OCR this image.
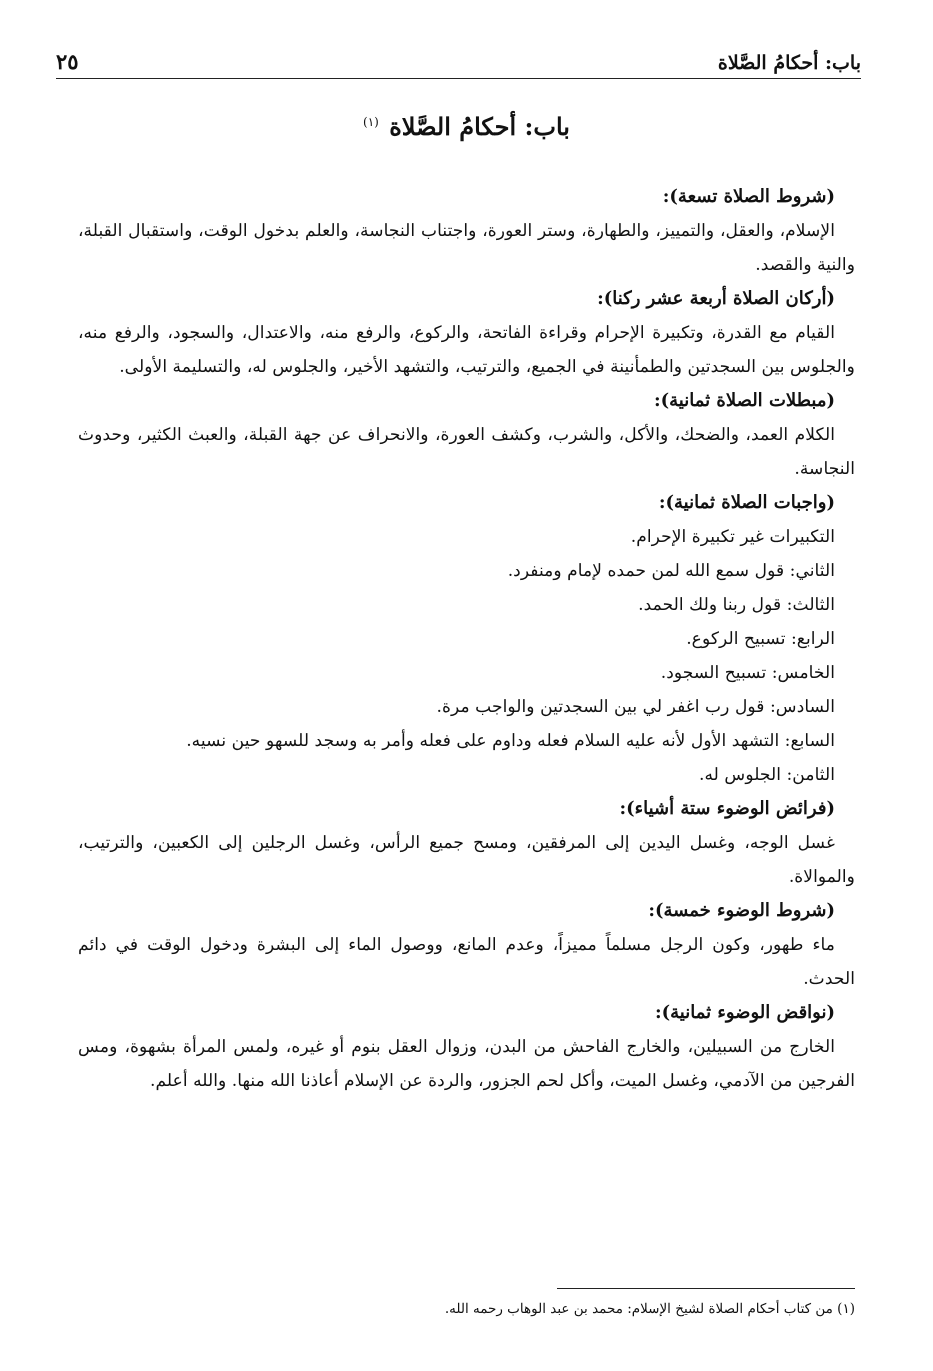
باب: أحكامُ الصَّلاة
٢٥
باب: أحكامُ الصَّلاة $^{(١)}$

(شروط الصلاة تسعة):

الإسلام، والعقل، والتمييز، والطهارة، وستر العورة، واجتناب النجاسة، والعلم بدخول الوقت، واستقبال القبلة، والنية والقصد.

(أركان الصلاة أربعة عشر ركنا):

القيام مع القدرة، وتكبيرة الإحرام وقراءة الفاتحة، والركوع، والرفع منه، والاعتدال، والسجود، والرفع منه، والجلوس بين السجدتين والطمأنينة في الجميع، والترتيب، والتشهد الأخير، والجلوس له، والتسليمة الأولى.

(مبطلات الصلاة ثمانية):

الكلام العمد، والضحك، والأكل، والشرب، وكشف العورة، والانحراف عن جهة القبلة، والعبث الكثير، وحدوث النجاسة.

(واجبات الصلاة ثمانية):

التكبيرات غير تكبيرة الإحرام.

الثاني: قول سمع الله لمن حمده لإمام ومنفرد.

الثالث: قول ربنا ولك الحمد.

الرابع: تسبيح الركوع.

الخامس: تسبيح السجود.

السادس: قول رب اغفر لي بين السجدتين والواجب مرة.

السابع: التشهد الأول لأنه عليه السلام فعله وداوم على فعله وأمر به وسجد للسهو حين نسيه.

الثامن: الجلوس له.

(فرائض الوضوء ستة أشياء):

غسل الوجه، وغسل اليدين إلى المرفقين، ومسح جميع الرأس، وغسل الرجلين إلى الكعبين، والترتيب، والموالاة.

(شروط الوضوء خمسة):

ماء طهور، وكون الرجل مسلماً مميزاً، وعدم المانع، ووصول الماء إلى البشرة ودخول الوقت في دائم الحدث.

(نواقض الوضوء ثمانية):

الخارج من السبيلين، والخارج الفاحش من البدن، وزوال العقل بنوم أو غيره، ولمس المرأة بشهوة، ومس الفرجين من الآدمي، وغسل الميت، وأكل لحم الجزور، والردة عن الإسلام أعاذنا الله منها. والله أعلم.

(١) من كتاب أحكام الصلاة لشيخ الإسلام: محمد بن عبد الوهاب رحمه الله.
